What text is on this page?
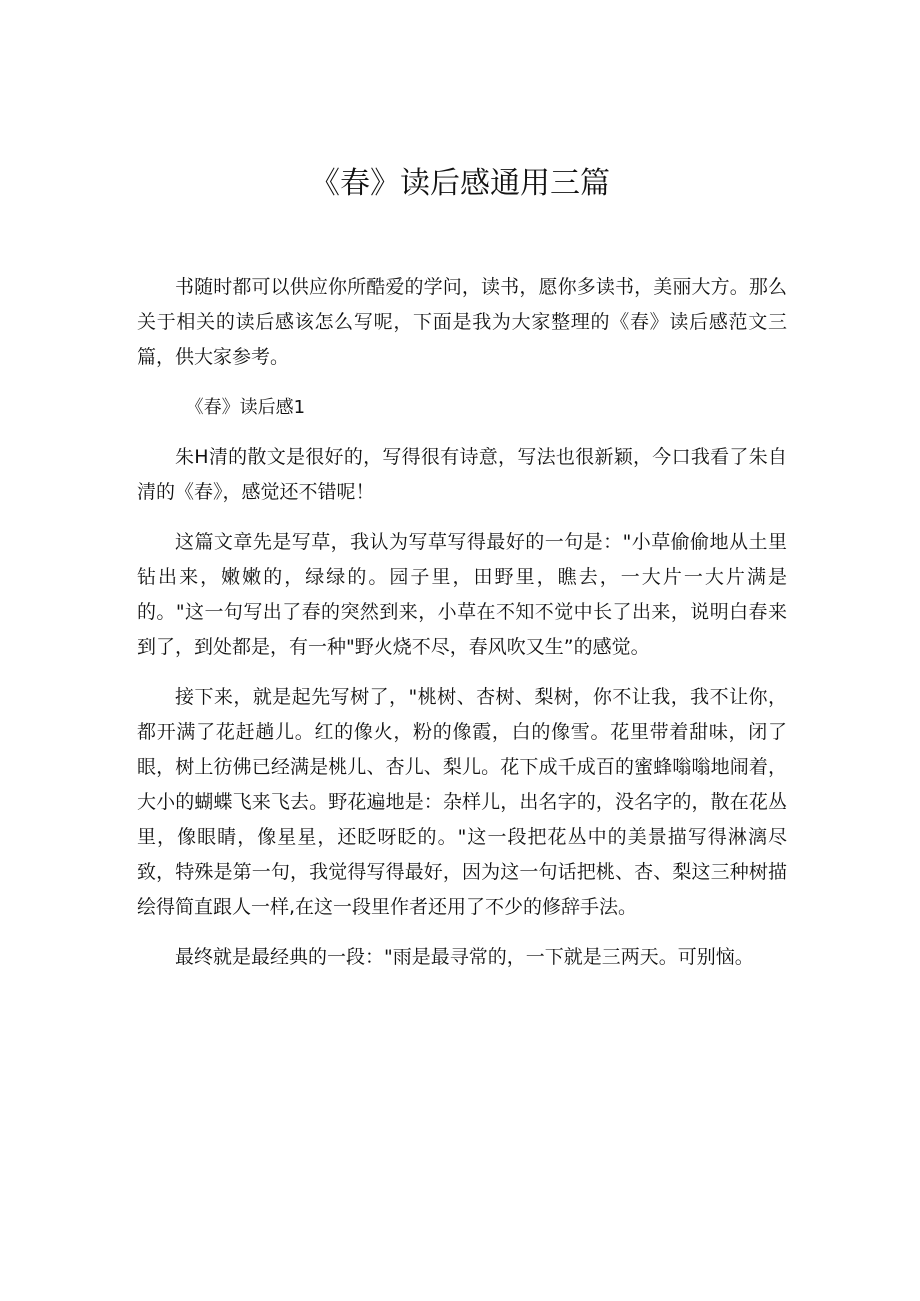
《春》读后感通用三篇

书随时都可以供应你所酷爱的学问，读书，愿你多读书，美丽大方。那么关于相关的读后感该怎么写呢，下面是我为大家整理的《春》读后感范文三篇，供大家参考。

《春》读后感1

朱H清的散文是很好的，写得很有诗意，写法也很新颖，今口我看了朱自清的《春》，感觉还不错呢！

这篇文章先是写草，我认为写草写得最好的一句是："小草偷偷地从土里钻出来，嫩嫩的，绿绿的。园子里，田野里，瞧去，一大片一大片满是的。"这一句写出了春的突然到来，小草在不知不觉中长了出来，说明白春来到了，到处都是，有一种"野火烧不尽，春风吹又生”的感觉。

接下来，就是起先写树了，"桃树、杏树、梨树，你不让我，我不让你，都开满了花赶趟儿。红的像火，粉的像霞，白的像雪。花里带着甜味，闭了眼，树上彷佛已经满是桃儿、杏儿、梨儿。花下成千成百的蜜蜂嗡嗡地闹着，大小的蝴蝶飞来飞去。野花遍地是：杂样儿，出名字的，没名字的，散在花丛里，像眼睛，像星星，还眨呀眨的。"这一段把花丛中的美景描写得淋漓尽致，特殊是第一句，我觉得写得最好，因为这一句话把桃、杏、梨这三种树描绘得简直跟人一样,在这一段里作者还用了不少的修辞手法。

最终就是最经典的一段："雨是最寻常的，一下就是三两天。可别恼。
